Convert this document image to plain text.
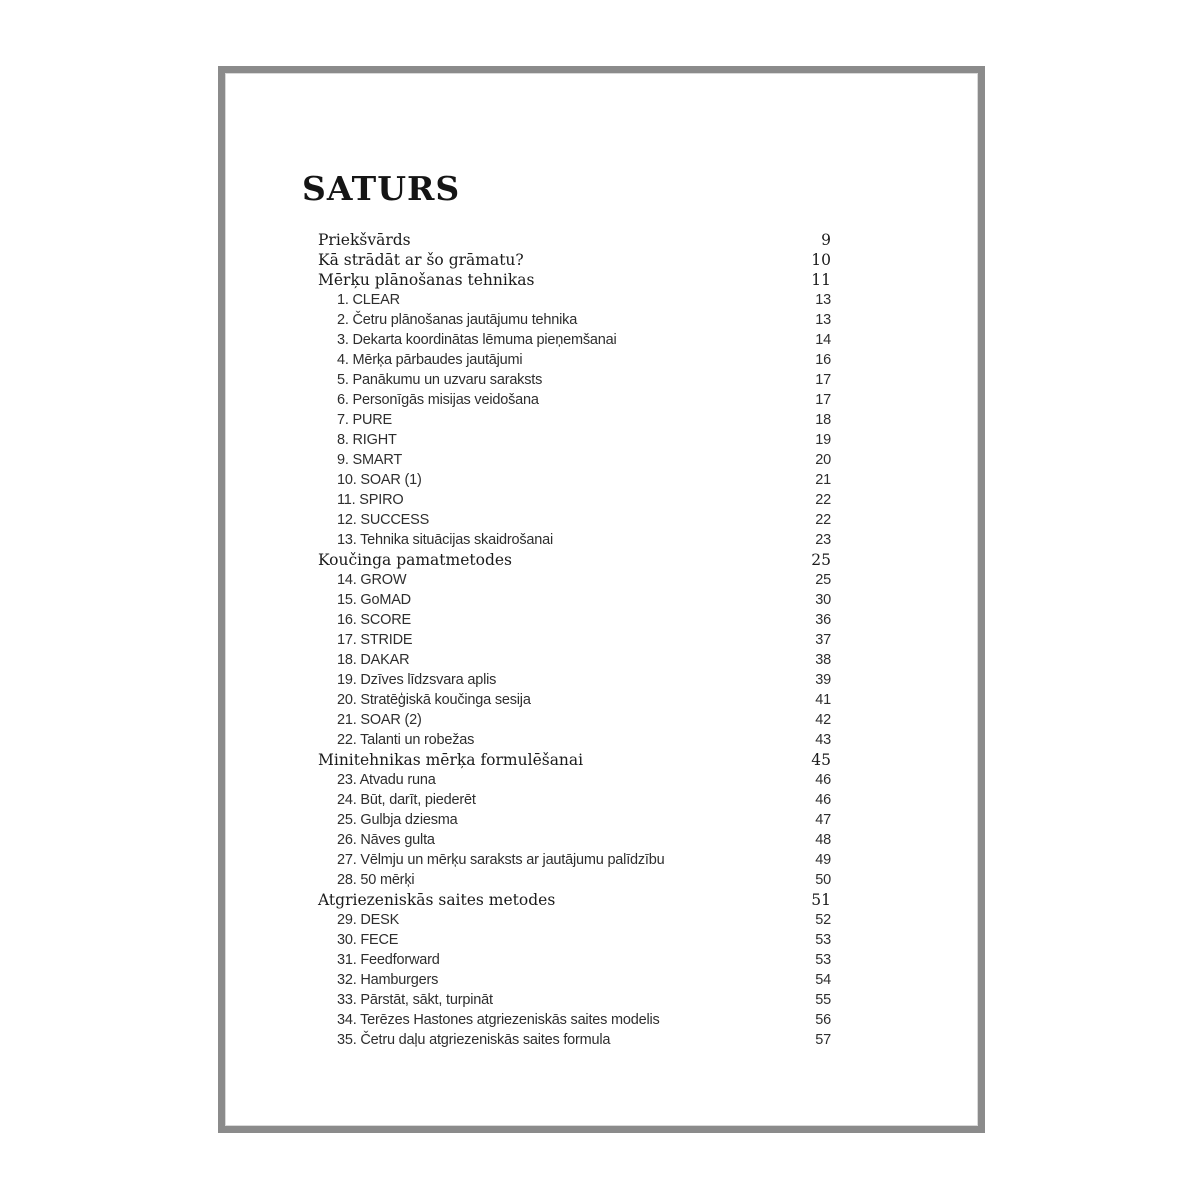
SATURS
Priekšvārds	9
Kā strādāt ar šo grāmatu?	10
Mērķu plānošanas tehnikas	11
1. CLEAR	13
2. Četru plānošanas jautājumu tehnika	13
3. Dekarta koordinātas lēmuma pieņemšanai	14
4. Mērķa pārbaudes jautājumi	16
5. Panākumu un uzvaru saraksts	17
6. Personīgās misijas veidošana	17
7. PURE	18
8. RIGHT	19
9. SMART	20
10. SOAR (1)	21
11. SPIRO	22
12. SUCCESS	22
13. Tehnika situācijas skaidrošanai	23
Koučinga pamatmetodes	25
14. GROW	25
15. GoMAD	30
16. SCORE	36
17. STRIDE	37
18. DAKAR	38
19. Dzīves līdzsvara aplis	39
20. Stratēģiskā koučinga sesija	41
21. SOAR (2)	42
22. Talanti un robežas	43
Minitehnikas mērķa formulēšanai	45
23. Atvadu runa	46
24. Būt, darīt, piederēt	46
25. Gulbja dziesma	47
26. Nāves gulta	48
27. Vēlmju un mērķu saraksts ar jautājumu palīdzību	49
28. 50 mērķi	50
Atgriezeniskās saites metodes	51
29. DESK	52
30. FECE	53
31. Feedforward	53
32. Hamburgers	54
33. Pārstāt, sākt, turpināt	55
34. Terēzes Hastones atgriezeniskās saites modelis	56
35. Četru daļu atgriezeniskās saites formula	57
